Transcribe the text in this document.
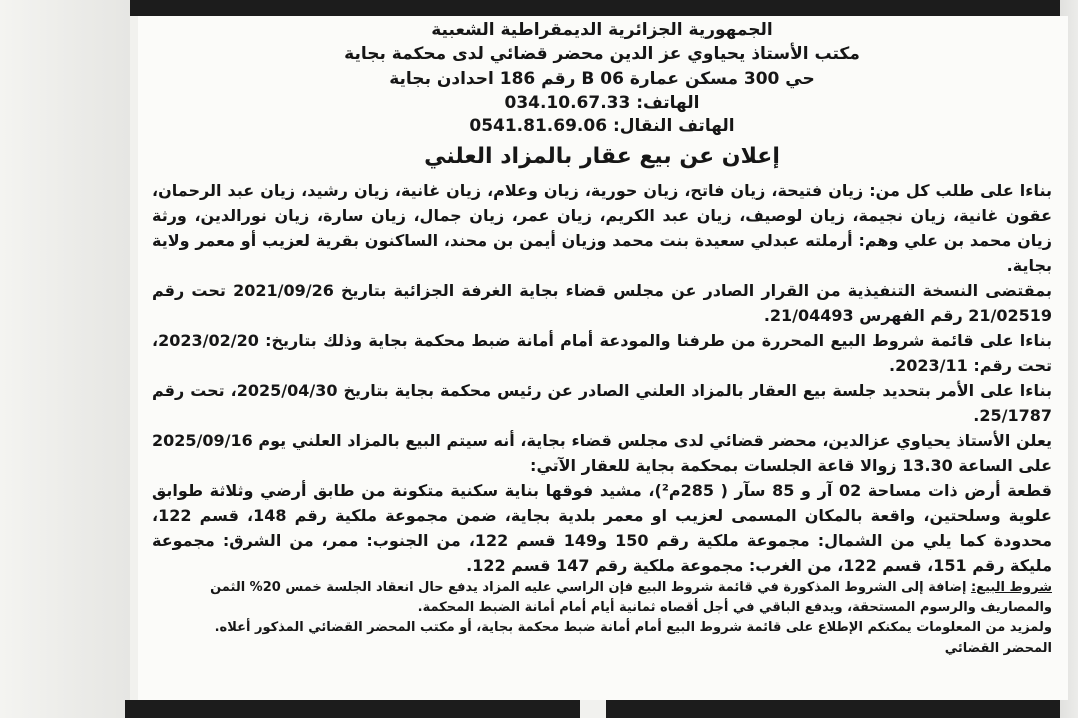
الجمهورية الجزائرية الديمقراطية الشعبية
مكتب الأستاذ يحياوي عز الدين محضر قضائي لدى محكمة بجاية
حي 300 مسكن عمارة 06 B رقم 186 احدادن بجاية
الهاتف: 034.10.67.33
الهاتف النقال: 0541.81.69.06
إعلان عن بيع عقار بالمزاد العلني

بناءا على طلب كل من: زيان فتيحة، زيان فاتح، زيان حورية، زيان وعلام، زيان غانية، زيان رشيد، زيان عبد الرحمان، عقون غانية، زيان نجيمة، زيان لوصيف، زيان عبد الكريم، زيان عمر، زيان جمال، زيان سارة، زيان نورالدين، ورثة زيان محمد بن علي وهم: أرملته عبدلي سعيدة بنت محمد وزيان أيمن بن محند، الساكنون بقرية لعزيب أو معمر ولاية بجاية.

بمقتضى النسخة التنفيذية من القرار الصادر عن مجلس قضاء بجاية الغرفة الجزائية بتاريخ 2021/09/26 تحت رقم 21/02519 رقم الفهرس 21/04493.

بناءا على قائمة شروط البيع المحررة من طرفنا والمودعة أمام أمانة ضبط محكمة بجاية وذلك بتاريخ: 2023/02/20، تحت رقم: 2023/11.

بناءا على الأمر بتحديد جلسة بيع العقار بالمزاد العلني الصادر عن رئيس محكمة بجاية بتاريخ 2025/04/30، تحت رقم 25/1787.

يعلن الأستاذ يحياوي عزالدين، محضر قضائي لدى مجلس قضاء بجاية، أنه سيتم البيع بالمزاد العلني يوم 2025/09/16 على الساعة 13.30 زوالا قاعة الجلسات بمحكمة بجاية للعقار الآتي:

قطعة أرض ذات مساحة 02 آر و 85 سآر ( 285م²)، مشيد فوقها بناية سكنية متكونة من طابق أرضي وثلاثة طوابق علوية وسلحتين، واقعة بالمكان المسمى لعزيب او معمر بلدية بجاية، ضمن مجموعة ملكية رقم 148، قسم 122، محدودة كما يلي من الشمال: مجموعة ملكية رقم 150 و149 قسم 122، من الجنوب: ممر، من الشرق: مجموعة مليكة رقم 151، قسم 122، من الغرب: مجموعة ملكية رقم 147 قسم 122.

شروط البيع: إضافة إلى الشروط المذكورة في قائمة شروط البيع فإن الراسي عليه المزاد يدفع حال انعقاد الجلسة خمس 20% الثمن والمصاريف والرسوم المستحقة، ويدفع الباقي في أجل أقصاه ثمانية أيام أمام أمانة الضبط المحكمة.

ولمزيد من المعلومات يمكنكم الإطلاع على قائمة شروط البيع أمام أمانة ضبط محكمة بجاية، أو مكتب المحضر القضائي المذكور أعلاه.

المحضر القضائي
